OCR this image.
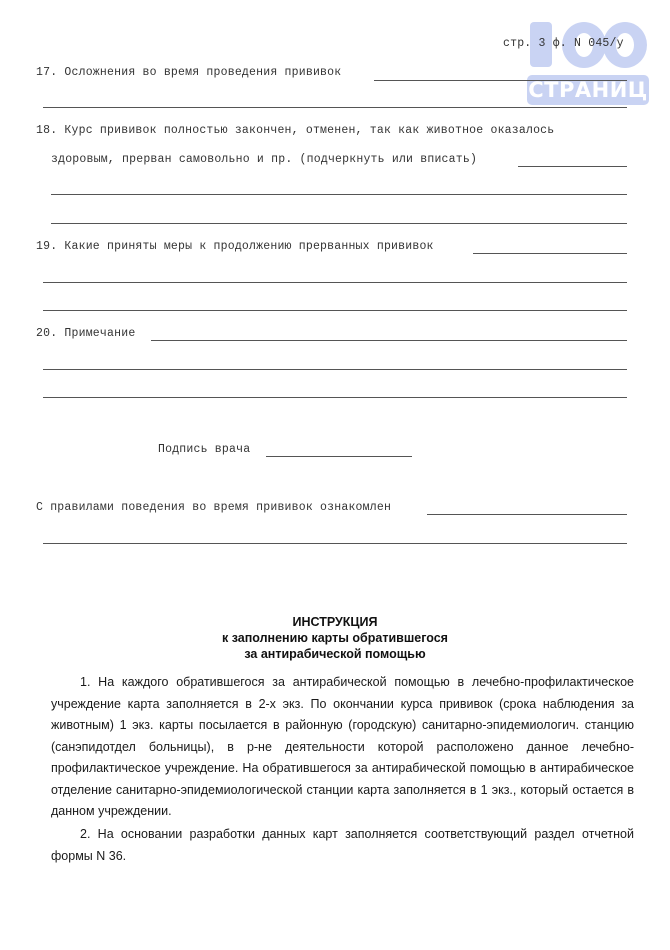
100
СТРАНИЦ
стр. 3 ф. N 045/у
17. Осложнения во время проведения прививок
18. Курс прививок полностью закончен, отменен, так как животное оказалось
здоровым, прерван самовольно и пр. (подчеркнуть или вписать)
19. Какие приняты меры к продолжению прерванных прививок
20. Примечание
Подпись врача
С правилами поведения во время прививок ознакомлен
ИНСТРУКЦИЯ
к заполнению карты обратившегося
за антирабической помощью
1. На каждого обратившегося за антирабической помощью в лечебно-профилактическое учреждение карта заполняется в 2-х экз. По окончании курса прививок (срока наблюдения за животным) 1 экз. карты посылается в районную (городскую) санитарно-эпидемиологич. станцию (санэпидотдел больницы), в р-не деятельности которой расположено данное лечебно-профилактическое учреждение. На обратившегося за антирабической помощью в антирабическое отделение санитарно-эпидемиологической станции карта заполняется в 1 экз., который остается в данном учреждении.
2. На основании разработки данных карт заполняется соответствующий раздел отчетной формы N 36.
